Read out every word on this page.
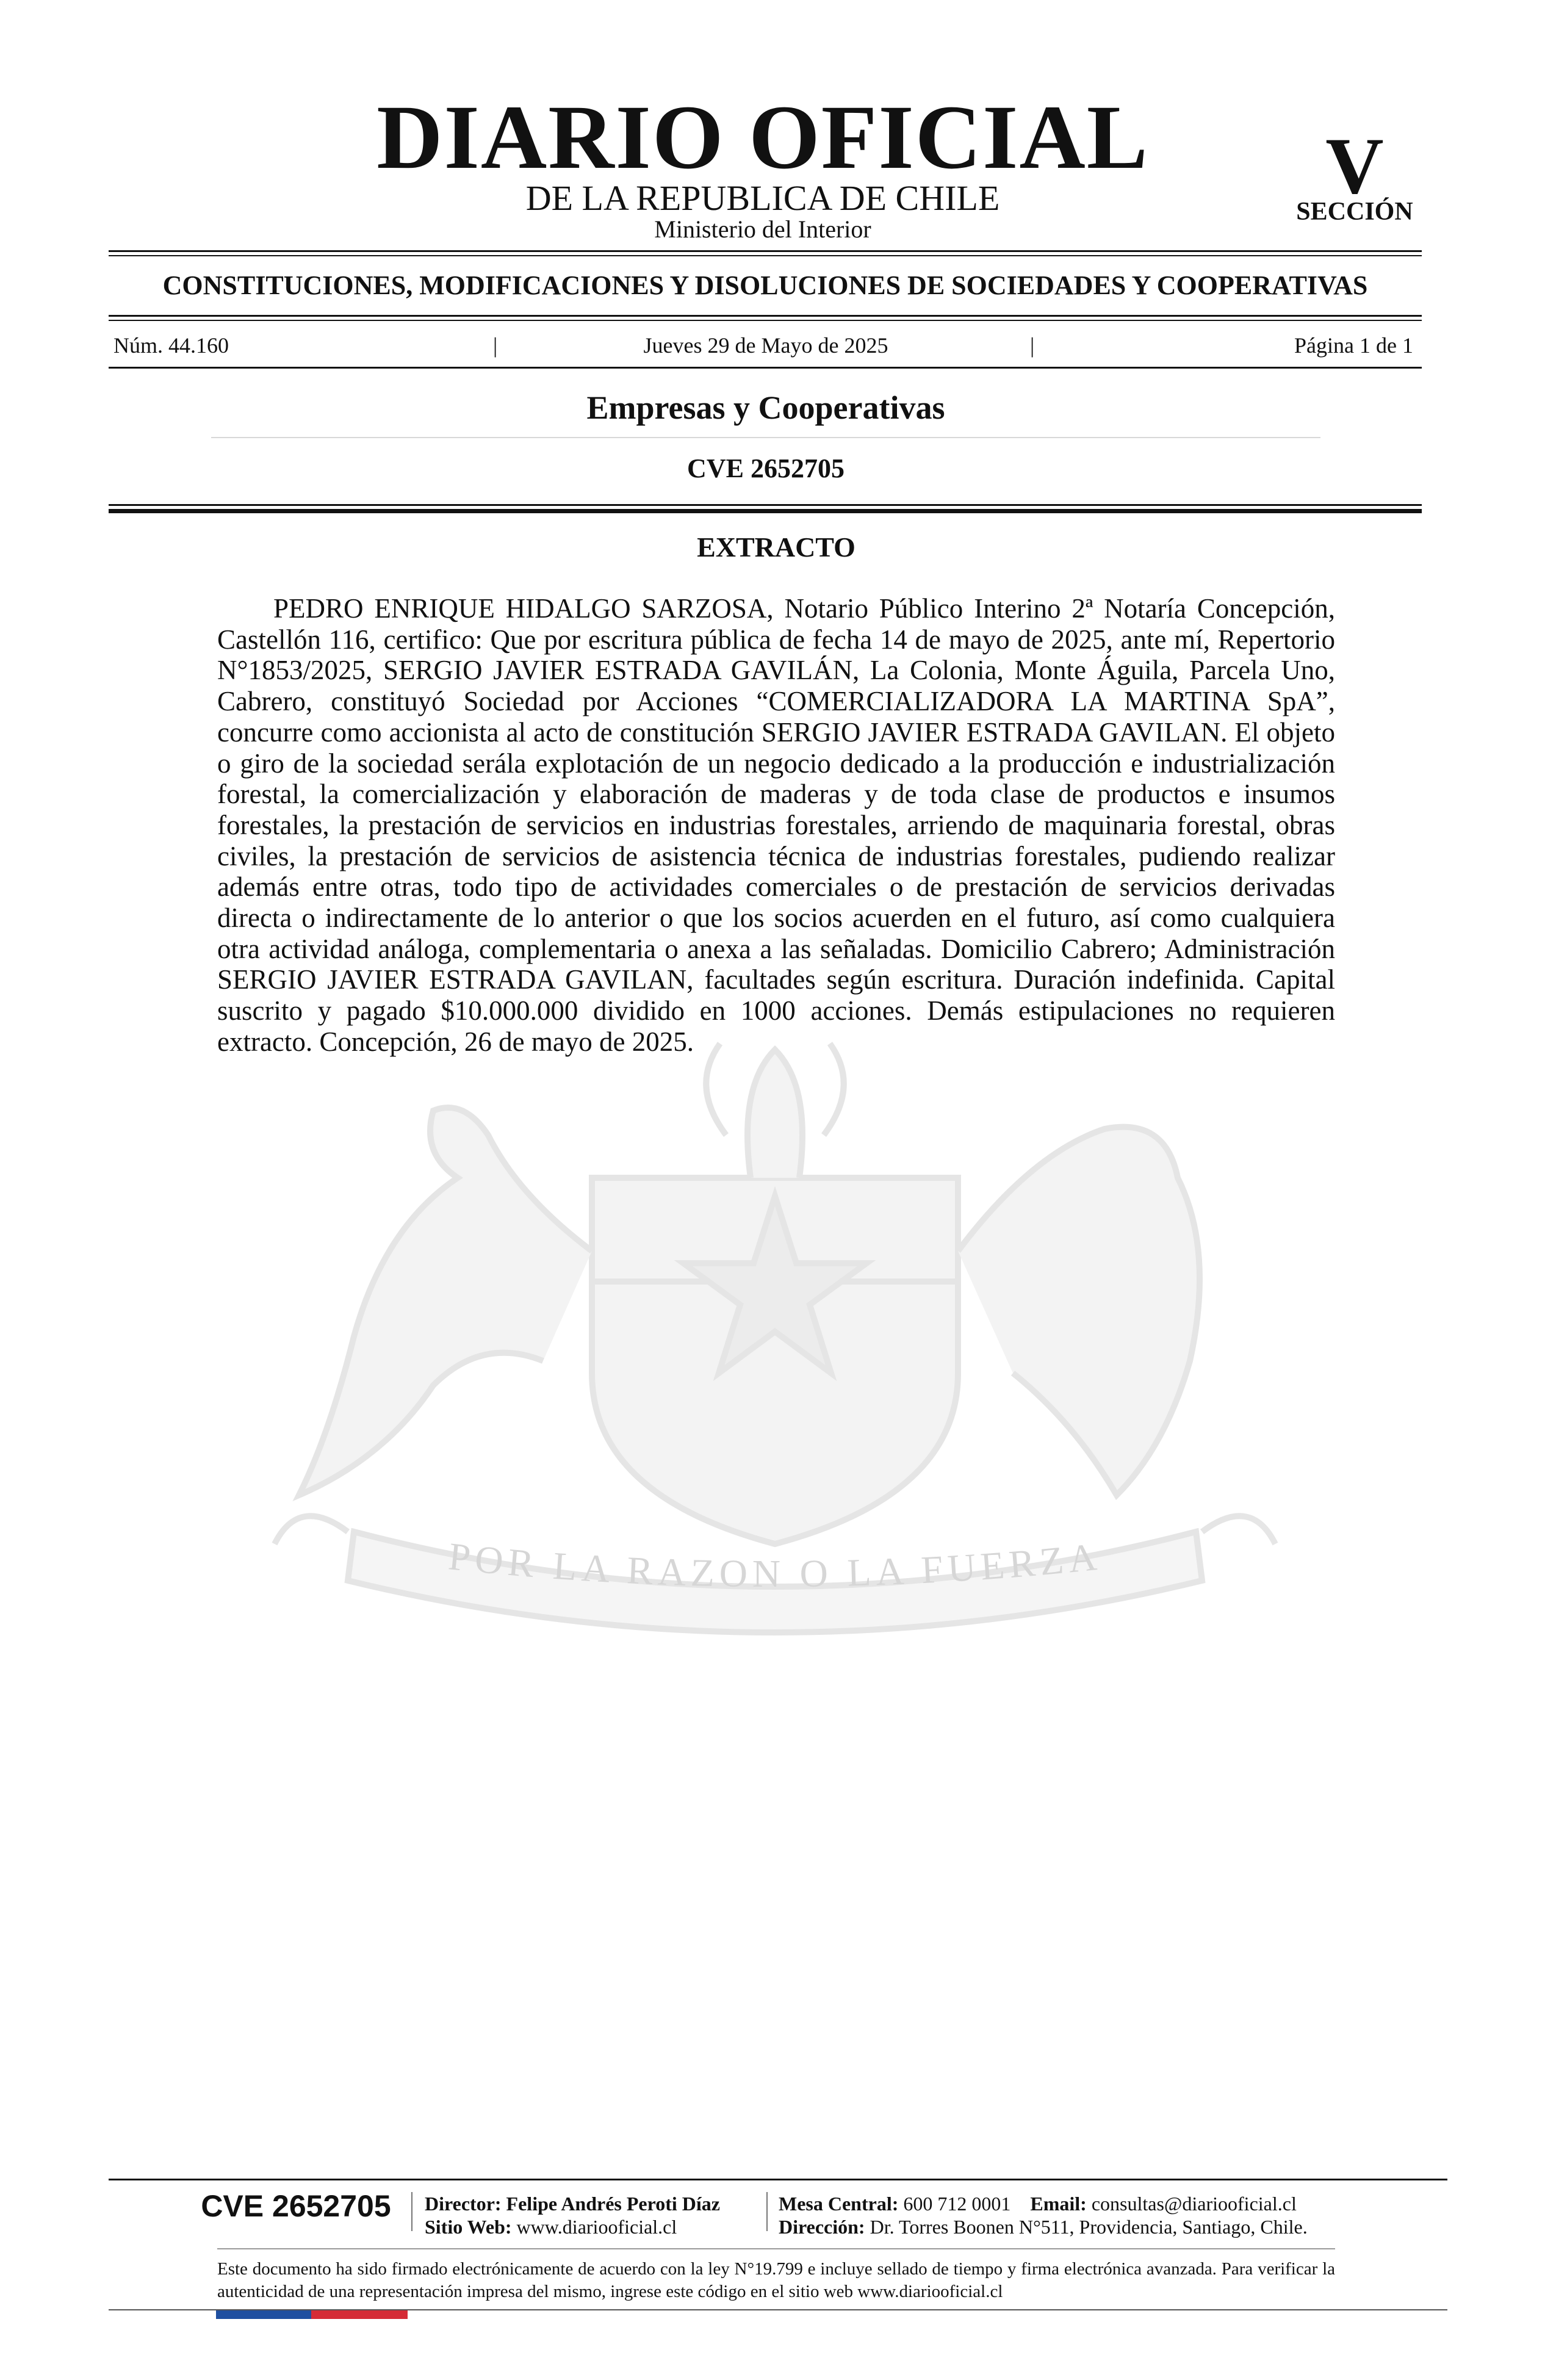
POR LA RAZON O LA FUERZA
DIARIO OFICIAL
DE LA REPUBLICA DE CHILE
Ministerio del Interior
V
SECCIÓN
CONSTITUCIONES, MODIFICACIONES Y DISOLUCIONES DE SOCIEDADES Y COOPERATIVAS
Núm. 44.160	|	Jueves 29 de Mayo de 2025	|	Página 1 de 1
Empresas y Cooperativas
CVE 2652705
EXTRACTO
PEDRO ENRIQUE HIDALGO SARZOSA, Notario Público Interino 2ª Notaría Concepción, Castellón 116, certifico: Que por escritura pública de fecha 14 de mayo de 2025, ante mí, Repertorio N°1853/2025, SERGIO JAVIER ESTRADA GAVILÁN, La Colonia, Monte Águila, Parcela Uno, Cabrero, constituyó Sociedad por Acciones “COMERCIALIZADORA LA MARTINA SpA”, concurre como accionista al acto de constitución SERGIO JAVIER ESTRADA GAVILAN. El objeto o giro de la sociedad serála explotación de un negocio dedicado a la producción e industrialización forestal, la comercialización y elaboración de maderas y de toda clase de productos e insumos forestales, la prestación de servicios en industrias forestales, arriendo de maquinaria forestal, obras civiles, la prestación de servicios de asistencia técnica de industrias forestales, pudiendo realizar además entre otras, todo tipo de actividades comerciales o de prestación de servicios derivadas directa o indirectamente de lo anterior o que los socios acuerden en el futuro, así como cualquiera otra actividad análoga, complementaria o anexa a las señaladas. Domicilio Cabrero; Administración SERGIO JAVIER ESTRADA GAVILAN, facultades según escritura. Duración indefinida. Capital suscrito y pagado $10.000.000 dividido en 1000 acciones. Demás estipulaciones no requieren extracto. Concepción, 26 de mayo de 2025.
CVE 2652705	Director: Felipe Andrés Peroti Díaz
Sitio Web: www.diariooficial.cl
Mesa Central: 600 712 0001 Email: consultas@diariooficial.cl
Dirección: Dr. Torres Boonen N°511, Providencia, Santiago, Chile.
Este documento ha sido firmado electrónicamente de acuerdo con la ley N°19.799 e incluye sellado de tiempo y firma electrónica avanzada. Para verificar la autenticidad de una representación impresa del mismo, ingrese este código en el sitio web www.diariooficial.cl
